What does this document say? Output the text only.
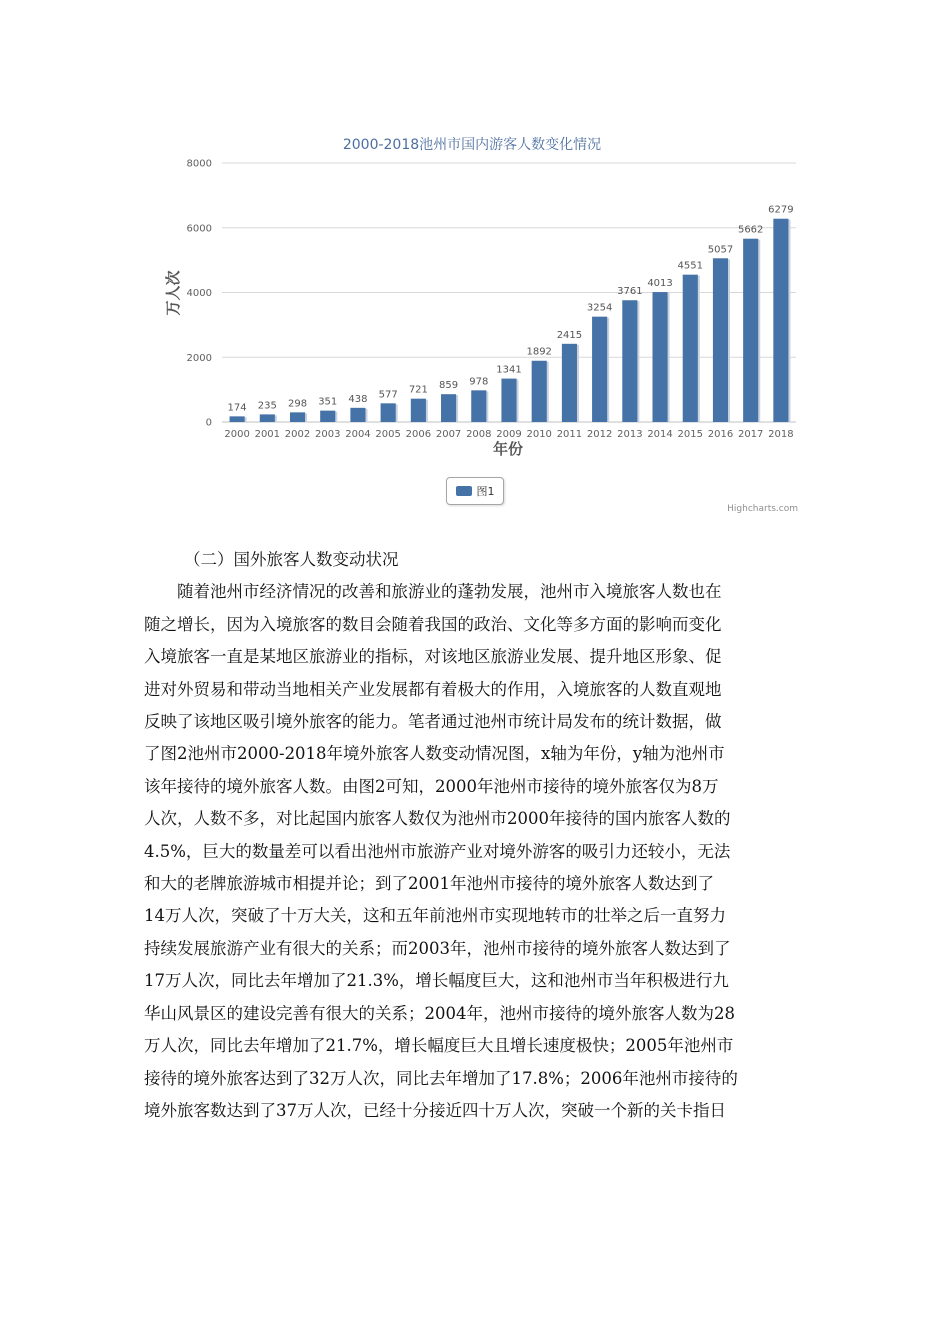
2000-2018池州市国内游客人数变化情况
万人次
年份
0
2000
4000
6000
8000
174 235 298 351 438 577 721 859 978
1341
1892
2415
3254
3761
4013
4551
5057
5662
6279
2000 2001 2002 2003 2004 2005 2006 2007 2008 2009 2010 2011 2012 2013 2014 2015 2016 2017 2018
图1
Highcharts.com

（二）国外旅客人数变动状况

随着池州市经济情况的改善和旅游业的蓬勃发展，池州市入境旅客人数也在
随之增长，因为入境旅客的数目会随着我国的政治、文化等多方面的影响而变化
入境旅客一直是某地区旅游业的指标，对该地区旅游业发展、提升地区形象、促
进对外贸易和带动当地相关产业发展都有着极大的作用，入境旅客的人数直观地
反映了该地区吸引境外旅客的能力。笔者通过池州市统计局发布的统计数据，做
了图2池州市2000-2018年境外旅客人数变动情况图，x轴为年份，y轴为池州市
该年接待的境外旅客人数。由图2可知，2000年池州市接待的境外旅客仅为8万
人次，人数不多，对比起国内旅客人数仅为池州市2000年接待的国内旅客人数的
4.5%，巨大的数量差可以看出池州市旅游产业对境外游客的吸引力还较小，无法
和大的老牌旅游城市相提并论；到了2001年池州市接待的境外旅客人数达到了
14万人次，突破了十万大关，这和五年前池州市实现地转市的壮举之后一直努力
持续发展旅游产业有很大的关系；而2003年，池州市接待的境外旅客人数达到了
17万人次，同比去年增加了21.3%，增长幅度巨大，这和池州市当年积极进行九
华山风景区的建设完善有很大的关系；2004年，池州市接待的境外旅客人数为28
万人次，同比去年增加了21.7%，增长幅度巨大且增长速度极快；2005年池州市
接待的境外旅客达到了32万人次，同比去年增加了17.8%；2006年池州市接待的
境外旅客数达到了37万人次，已经十分接近四十万人次，突破一个新的关卡指日
